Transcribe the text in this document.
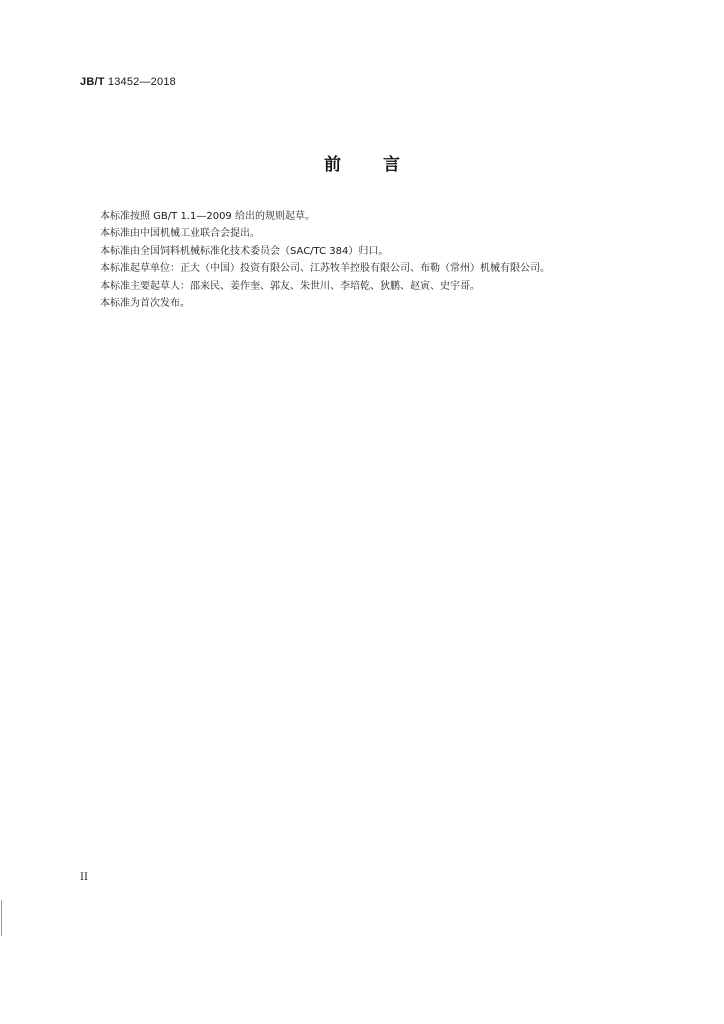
JB/T 13452—2018
前 言

本标准按照 GB/T 1.1—2009 给出的规则起草。

本标准由中国机械工业联合会提出。

本标准由全国饲料机械标准化技术委员会（SAC/TC 384）归口。

本标准起草单位：正大（中国）投资有限公司、江苏牧羊控股有限公司、布勒（常州）机械有限公司。

本标准主要起草人：邵来民、姜作奎、郭友、朱世川、李培乾、狄鹏、赵寅、史宇哥。

本标准为首次发布。

II
